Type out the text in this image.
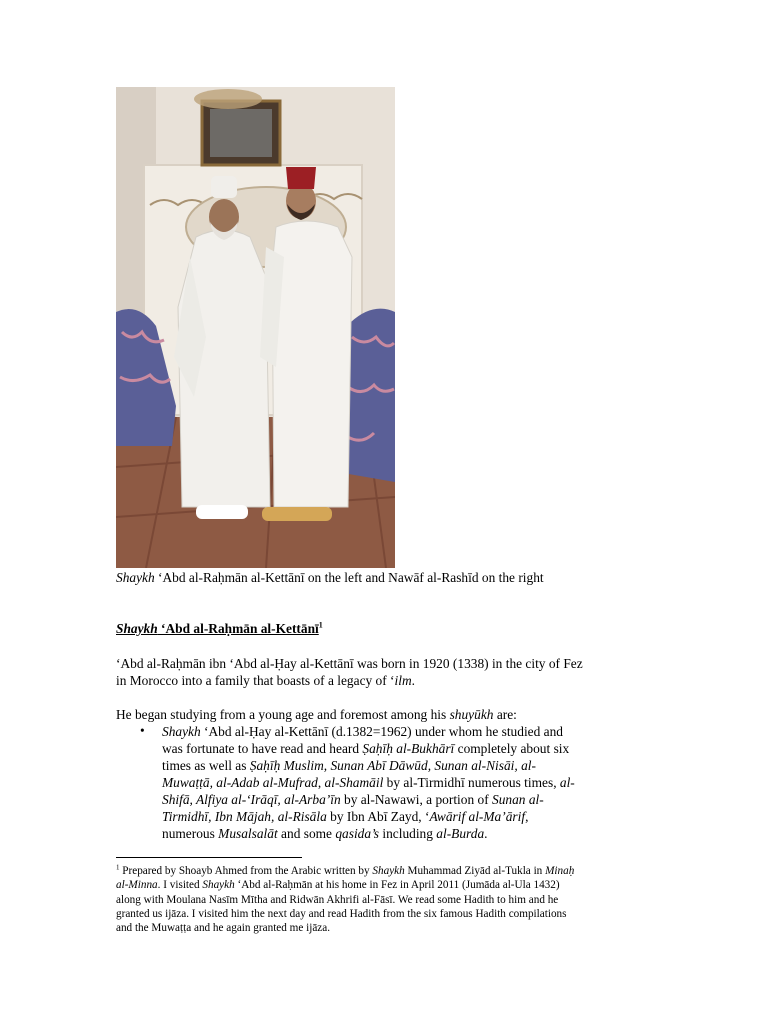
Shaykh ‘Abd al-Raḥmān al-Kettānī on the left and Nawāf al-Rashīd on the right
Shaykh ‘Abd al-Raḥmān al-Kettānī$^1$
‘Abd al-Raḥmān ibn ‘Abd al-Ḥay al-Kettānī was born in 1920 (1338) in the city of Fez
in Morocco into a family that boasts of a legacy of ‘ilm.
He began studying from a young age and foremost among his shuyūkh are:
•	Shaykh ‘Abd al-Ḥay al-Kettānī (d.1382=1962) under whom he studied and
was fortunate to have read and heard Ṣaḥīḥ al-Bukhārī completely about six
times as well as Ṣaḥīḥ Muslim, Sunan Abī Dāwūd, Sunan al-Nisāi, al-
Muwaṭṭā, al-Adab al-Mufrad, al-Shamāil by al-Tirmidhī numerous times, al-
Shifā, Alfiya al-‘Irāqī, al-Arba’īn by al-Nawawi, a portion of Sunan al-
Tirmidhī, Ibn Mājah, al-Risāla by Ibn Abī Zayd, ‘Awārif al-Ma’ārif,
numerous Musalsalāt and some qasida’s including al-Burda.
$^1$ Prepared by Shoayb Ahmed from the Arabic written by Shaykh Muhammad Ziyād al-Tukla in Minaḥ
al-Minna. I visited Shaykh ‘Abd al-Raḥmān at his home in Fez in April 2011 (Jumāda al-Ula 1432)
along with Moulana Nasīm Mītha and Ridwān Akhrifi al-Fāsī. We read some Hadith to him and he
granted us ijāza. I visited him the next day and read Hadith from the six famous Hadith compilations
and the Muwaṭṭa and he again granted me ijāza.
